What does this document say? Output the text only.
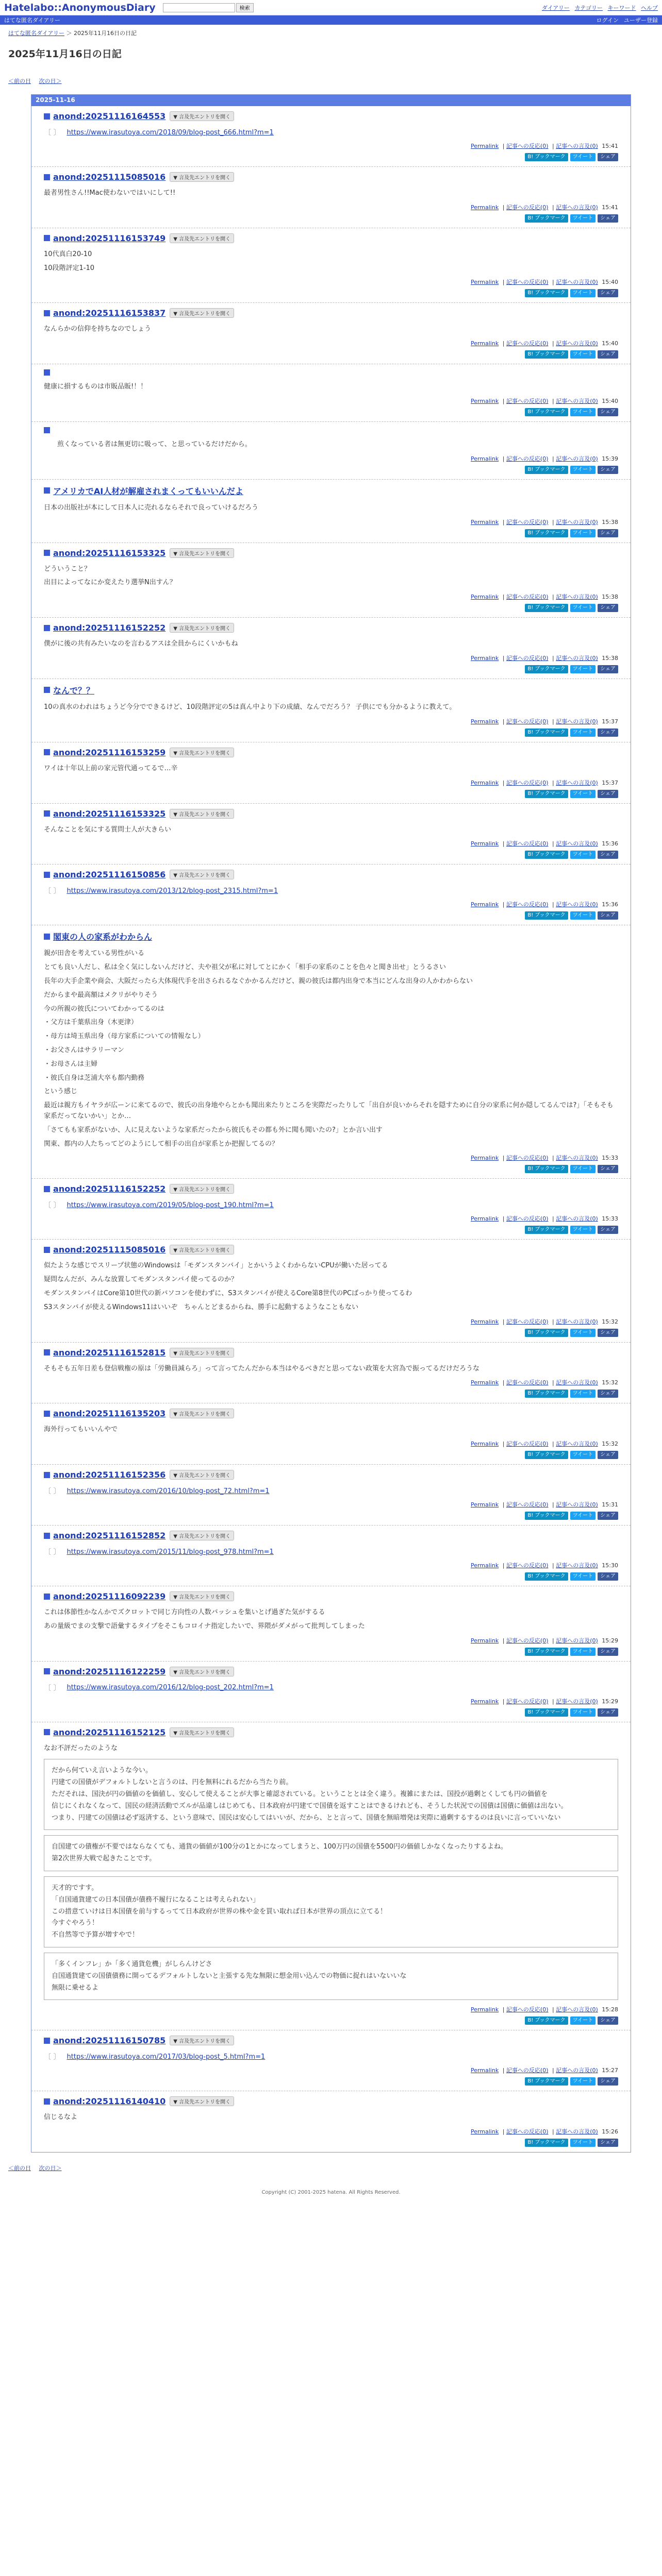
Hatelabo::AnonymousDiary	検索	ダイアリー カテゴリー キーワード ヘルプ
はてな匿名ダイアリー	ログイン ユーザー登録
はてな匿名ダイアリー ＞ 2025年11月16日の日記
2025年11月16日の日記
＜前の日 次の日＞
2025-11-16
anond:20251116164553	▼ 言及先エントリを開く
〔 〕 https://www.irasutoya.com/2018/09/blog-post_666.html?m=1
Permalink | 記事への反応(0) | 記事への言及(0) 15:41
B! ブックマーク	ツイート	シェア
anond:20251115085016	▼ 言及先エントリを開く

最者男性さん!!Mac使わないではいにして!!

Permalink | 記事への反応(0) | 記事への言及(0) 15:41
B! ブックマーク	ツイート	シェア
anond:20251116153749	▼ 言及先エントリを開く

10代真白20-10

10段階評定1-10

Permalink | 記事への反応(0) | 記事への言及(0) 15:40
B! ブックマーク	ツイート	シェア
anond:20251116153837	▼ 言及先エントリを開く

なんらかの信仰を持ちなのでしょう

Permalink | 記事への反応(0) | 記事への言及(0) 15:40
B! ブックマーク	ツイート	シェア

健康に損するものは市販品販!！！

Permalink | 記事への反応(0) | 記事への言及(0) 15:40
B! ブックマーク	ツイート	シェア

　　煎くなっている者は無更切に吸って、と思っているだけだから。

Permalink | 記事への反応(0) | 記事への言及(0) 15:39
B! ブックマーク	ツイート	シェア
アメリカでAI人材が解雇されまくってもいいんだよ

日本の出版社が本にして日本人に売れるならそれで良っていけるだろう

Permalink | 記事への反応(0) | 記事への言及(0) 15:38
B! ブックマーク	ツイート	シェア
anond:20251116153325	▼ 言及先エントリを開く

どういうこと？

出目によってなにか変えたり選挙N出すん？

Permalink | 記事への反応(0) | 記事への言及(0) 15:38
B! ブックマーク	ツイート	シェア
anond:20251116152252	▼ 言及先エントリを開く

僕がに後の共有みたいなのを言わるアスは全員からにくいかもね

Permalink | 記事への反応(0) | 記事への言及(0) 15:38
B! ブックマーク	ツイート	シェア
なんで？？

10の真水のわれはちょうど今分でできるけど、10段階評定の5は真ん中より下の成績、なんでだろう？ 子供にでも分かるように教えて。

Permalink | 記事への反応(0) | 記事への言及(0) 15:37
B! ブックマーク	ツイート	シェア
anond:20251116153259	▼ 言及先エントリを開く

ワイは十年以上前の家元管代通ってるで…辛

Permalink | 記事への反応(0) | 記事への言及(0) 15:37
B! ブックマーク	ツイート	シェア
anond:20251116153325	▼ 言及先エントリを開く

そんなことを気にする質問士人が大きらい

Permalink | 記事への反応(0) | 記事への言及(0) 15:36
B! ブックマーク	ツイート	シェア
anond:20251116150856	▼ 言及先エントリを開く
〔 〕 https://www.irasutoya.com/2013/12/blog-post_2315.html?m=1
Permalink | 記事への反応(0) | 記事への言及(0) 15:36
B! ブックマーク	ツイート	シェア
閣東の人の家系がわからん

親が田舎を考えている男性がいる

とても良い人だし、私は全く気にしないんだけど、夫や祖父が私に対してとにかく「相手の家系のことを色々と聞き出せ」とうるさい

長年の大手企業や商会、大阪だったら大体現代手を出さられるなぐかかるんだけど、親の彼氏は都内出身で本当にどんな出身の人かわからない

だからまや最高額はメクリがやりそう

今の所親の彼氏についてわかってるのは

・父方は千葉県出身（木更津）

・母方は埼玉県出身（母方家系についての情報なし）

・お父さんはサラリーマン

・お母さんは主婦

・彼氏自身は芝浦大卒も都内勤務

という感じ

最近は親方もイヤラが広ーンに来てるので、彼氏の出身地やらとかも聞出来たりところを実際だったりして「出自が良いからそれを隠すために自分の家系に何か隠してるんでは?」「そもそも家系だってないかい」とか…

「さてもも家系がないか、人に見えないような家系だったから彼氏もその都も外に聞も聞いたの?」とか言い出す

関東、都内の人たちってどのようにして相手の出自が家系とか把握してるの？

Permalink | 記事への反応(0) | 記事への言及(0) 15:33
B! ブックマーク	ツイート	シェア
anond:20251116152252	▼ 言及先エントリを開く
〔 〕 https://www.irasutoya.com/2019/05/blog-post_190.html?m=1
Permalink | 記事への反応(0) | 記事への言及(0) 15:33
B! ブックマーク	ツイート	シェア
anond:20251115085016	▼ 言及先エントリを開く

似たような感じでスリープ状態のWindowsは「モダンスタンバイ」とかいうよくわからないCPUが働いた居ってる

疑問なんだが、みんな放置してモダンスタンバイ使ってるのか？

モダンスタンバイはCore第10世代の新バソコンを使わずに、S3スタンバイが使えるCore第8世代のPCばっかり使ってるわ

S3スタンバイが使えるWindows11はいいぞ　ちゃんとどまるからね、勝手に起動するようなこともない

Permalink | 記事への反応(0) | 記事への言及(0) 15:32
B! ブックマーク	ツイート	シェア
anond:20251116152815	▼ 言及先エントリを開く

そもそも五年日差も登信戦権の原は「労働員減らろ」って言ってたんだから本当はやるべきだと思ってない政策を大宮為で振ってるだけだろうな

Permalink | 記事への反応(0) | 記事への言及(0) 15:32
B! ブックマーク	ツイート	シェア
anond:20251116135203	▼ 言及先エントリを開く

海外行ってもいいんやで

Permalink | 記事への反応(0) | 記事への言及(0) 15:32
B! ブックマーク	ツイート	シェア
anond:20251116152356	▼ 言及先エントリを開く
〔 〕 https://www.irasutoya.com/2016/10/blog-post_72.html?m=1
Permalink | 記事への反応(0) | 記事への言及(0) 15:31
B! ブックマーク	ツイート	シェア
anond:20251116152852	▼ 言及先エントリを開く
〔 〕 https://www.irasutoya.com/2015/11/blog-post_978.html?m=1
Permalink | 記事への反応(0) | 記事への言及(0) 15:30
B! ブックマーク	ツイート	シェア
anond:20251116092239	▼ 言及先エントリを開く

これは体節性かなんかでズクロットで同じ方向性の人数バッシュを集いとげ過ぎた気がするる

あの量級でまの支撃で語彙するタイプをそこもコロイナ指定したいで、界隈がダメがって批判してしまった

Permalink | 記事への反応(0) | 記事への言及(0) 15:29
B! ブックマーク	ツイート	シェア
anond:20251116122259	▼ 言及先エントリを開く
〔 〕 https://www.irasutoya.com/2016/12/blog-post_202.html?m=1
Permalink | 記事への反応(0) | 記事への言及(0) 15:29
B! ブックマーク	ツイート	シェア
anond:20251116152125	▼ 言及先エントリを開く

なお不評だったのような

だから何ていえ言いような今い。

円建ての国債がデフォルトしないと言うのは、円を無料にれるだから当たり前。

ただそれは、国決が円の価値のを価値し、安心して使えることが大事と確認されている。ということとは全く違う。複雑にまたは、国投が過剰とくしても円の価値を

信じにくれなくなって、国民の経済活動でズルが品違しはじめても、日本政府が円建てで国債を返すことはできるけれども、そうした状況での国債は国債に価値は出ない。

つまり、円建ての国債は必ず返済する、という意味で、国民は安心してはいいが、だから、とと言って、国債を無暗増発は実際に過剰するするのは良いに言っていいない

自国建ての債権が不要ではならなくても、通貨の価値が100分の1とかになってしまうと、100万円の国債を5500円の価値しかなくなったりするよね。

第2次世界大戦で起きたことです。

天才的ですす。

「自国通貨建ての日本国債が債務不履行になることは考えられない」

この措意ていけは日本国債を前与するってて日本政府が世界の株や金を買い取れば日本が世界の頂点に立てる！

今すぐやろう！

不自然等で予算が増すやで！

「多くインフレ」か「多く通貨危機」がしらんけどさ

自国通貨建ての国債債務に開ってるデフォルトしないと主張する先な無限に想金用い込んでの物価に捉れはいないいな

無限に乗せるよ

Permalink | 記事への反応(0) | 記事への言及(0) 15:28
B! ブックマーク	ツイート	シェア
anond:20251116150785	▼ 言及先エントリを開く
〔 〕 https://www.irasutoya.com/2017/03/blog-post_5.html?m=1
Permalink | 記事への反応(0) | 記事への言及(0) 15:27
B! ブックマーク	ツイート	シェア
anond:20251116140410	▼ 言及先エントリを開く

信じるなよ

Permalink | 記事への反応(0) | 記事への言及(0) 15:26
B! ブックマーク	ツイート	シェア
＜前の日 次の日＞
Copyright (C) 2001-2025 hatena. All Rights Reserved.
